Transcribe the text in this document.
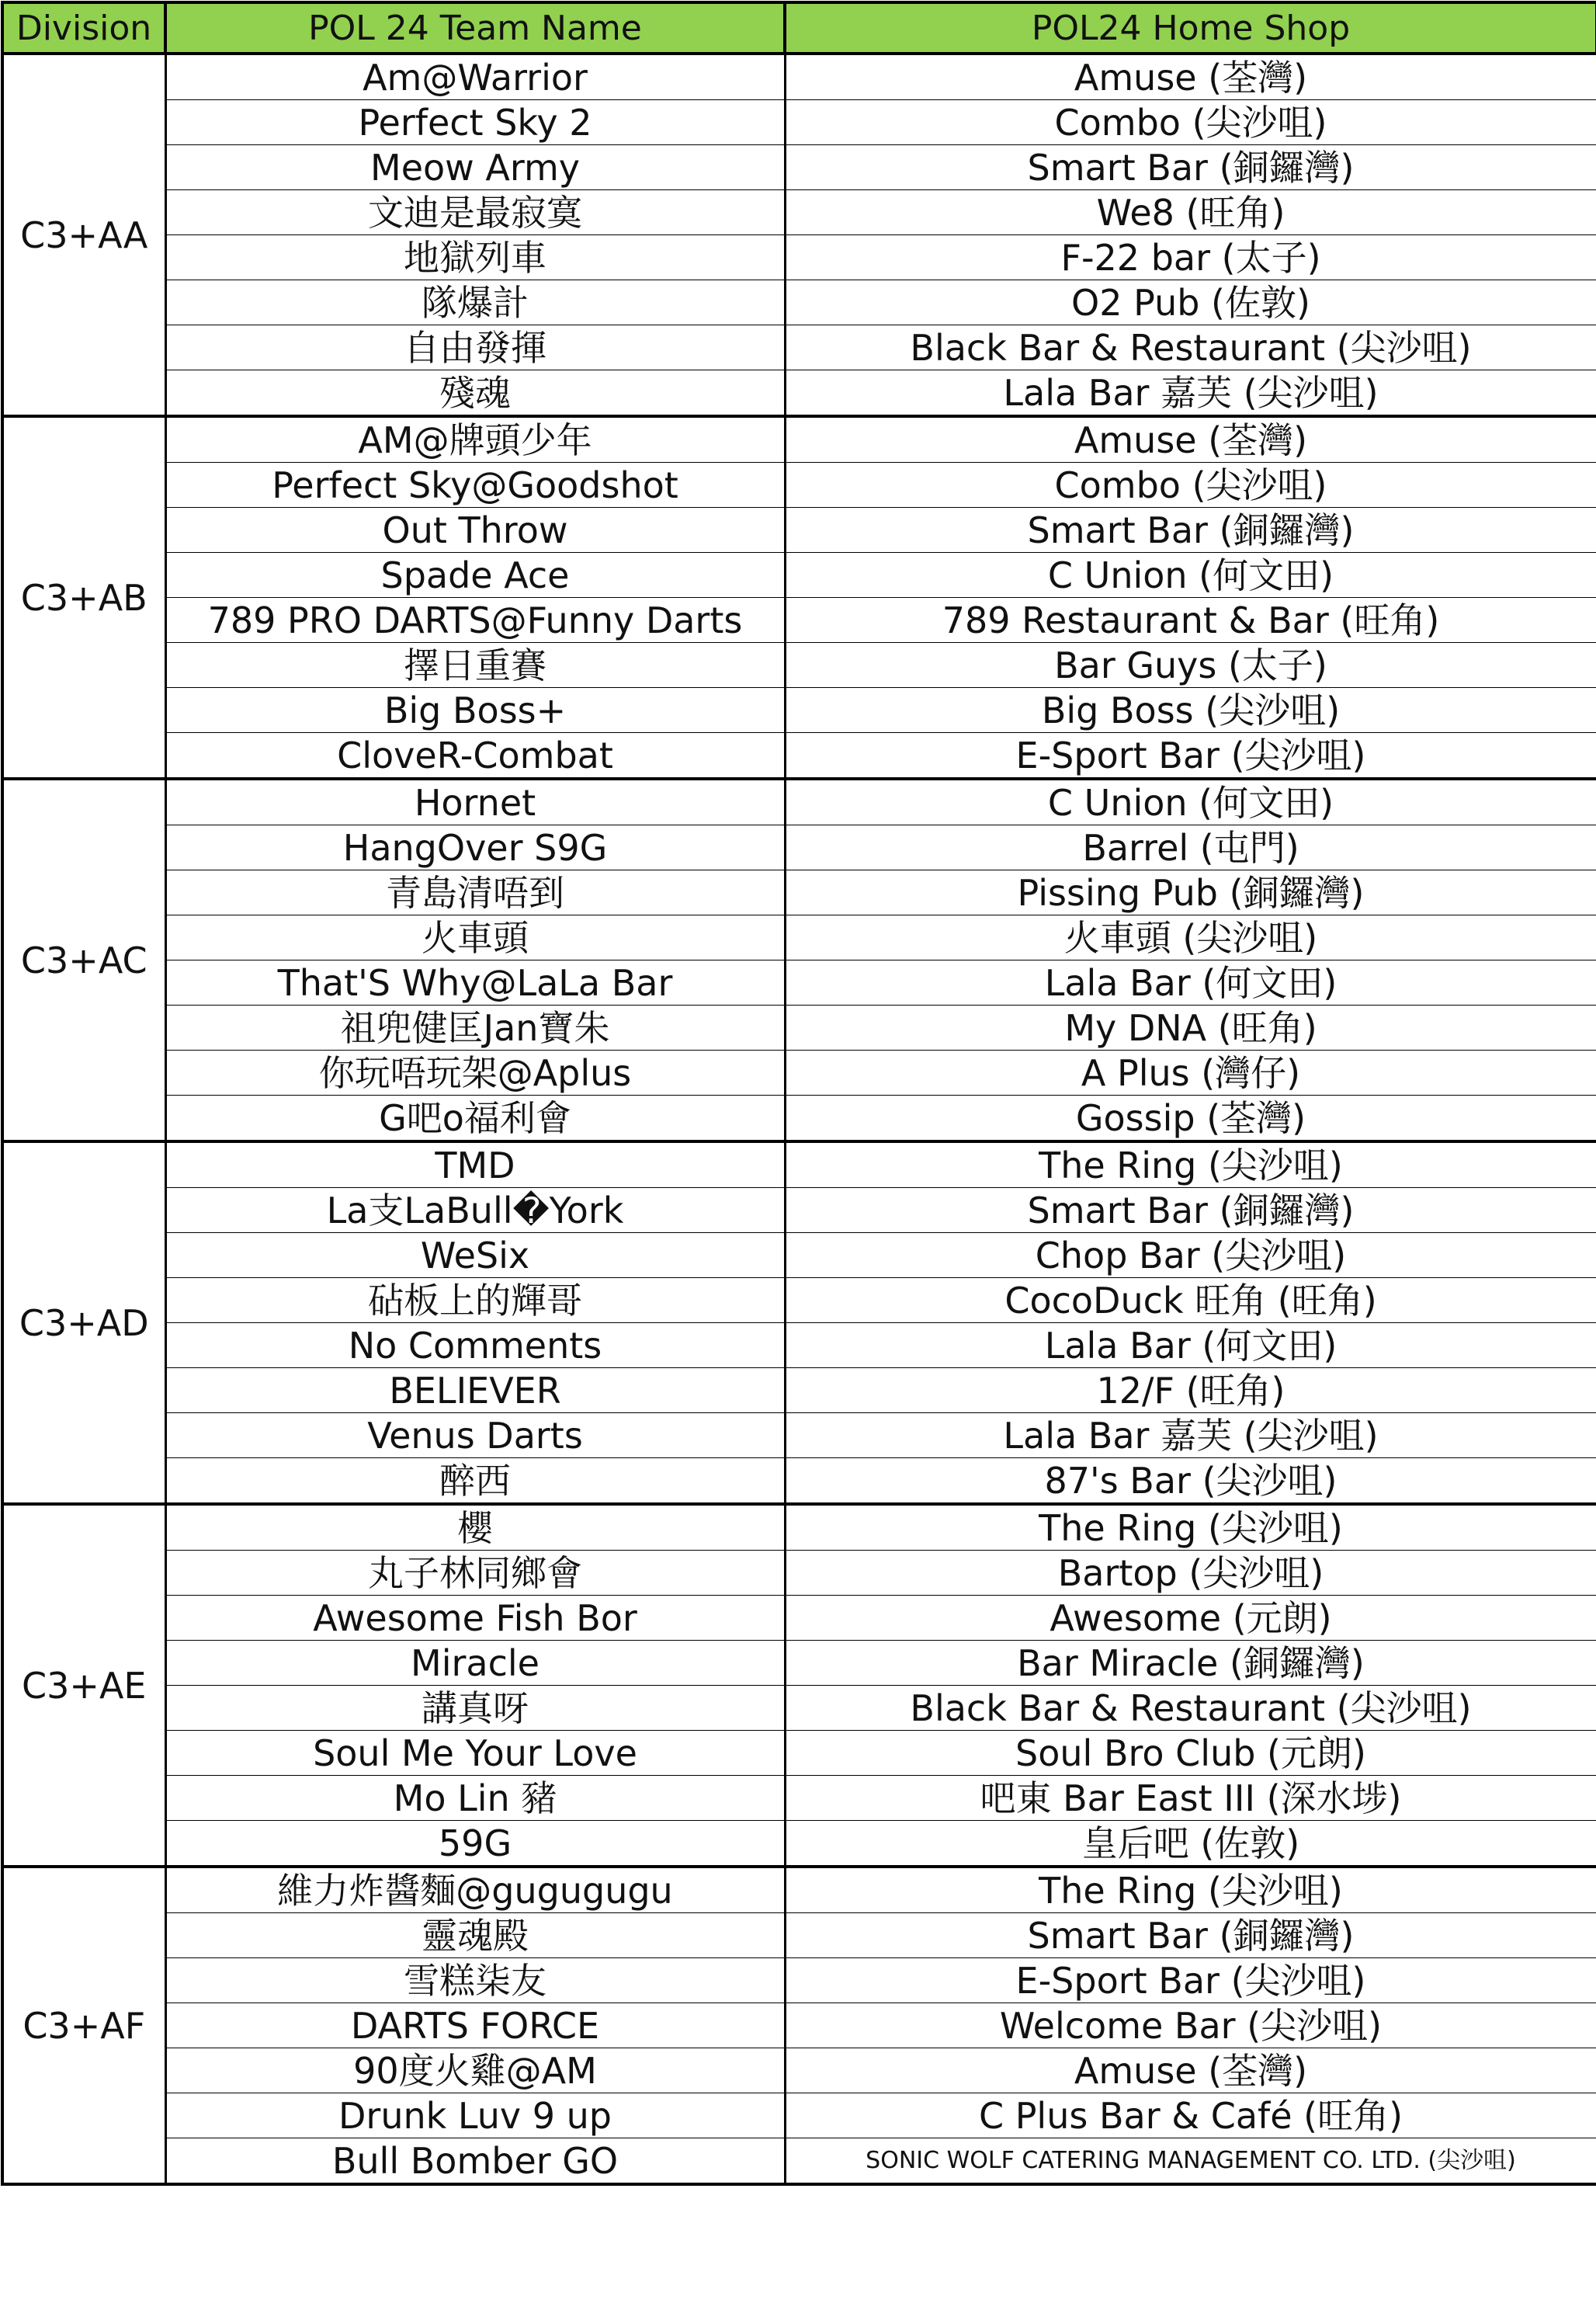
Division	POL 24 Team Name	POL24 Home Shop
C3+AA	Am@Warrior	Amuse (荃灣)
	Perfect Sky 2	Combo (尖沙咀)
	Meow Army	Smart Bar (銅鑼灣)
	文迪是最寂寞	We8 (旺角)
	地獄列車	F-22 bar (太子)
	隊爆計	O2 Pub (佐敦)
	自由發揮	Black Bar & Restaurant (尖沙咀)
	殘魂	Lala Bar 嘉芙 (尖沙咀)
C3+AB	AM@牌頭少年	Amuse (荃灣)
	Perfect Sky@Goodshot	Combo (尖沙咀)
	Out Throw	Smart Bar (銅鑼灣)
	Spade Ace	C Union (何文田)
	789 PRO DARTS@Funny Darts	789 Restaurant & Bar (旺角)
	擇日重賽	Bar Guys (太子)
	Big Boss+	Big Boss (尖沙咀)
	CloveR-Combat	E-Sport Bar (尖沙咀)
C3+AC	Hornet	C Union (何文田)
	HangOver S9G	Barrel (屯門)
	青島清唔到	Pissing Pub (銅鑼灣)
	火車頭	火車頭 (尖沙咀)
	That'S Why@LaLa Bar	Lala Bar (何文田)
	祖兜健匡Jan寶朱	My DNA (旺角)
	你玩唔玩架@Aplus	A Plus (灣仔)
	G吧o福利會	Gossip (荃灣)
C3+AD	TMD	The Ring (尖沙咀)
	La支LaBull�York	Smart Bar (銅鑼灣)
	WeSix	Chop Bar (尖沙咀)
	砧板上的輝哥	CocoDuck 旺角 (旺角)
	No Comments	Lala Bar (何文田)
	BELIEVER	12/F (旺角)
	Venus Darts	Lala Bar 嘉芙 (尖沙咀)
	醉西	87's Bar (尖沙咀)
C3+AE	櫻	The Ring (尖沙咀)
	丸子林同鄉會	Bartop (尖沙咀)
	Awesome Fish Bor	Awesome (元朗)
	Miracle	Bar Miracle (銅鑼灣)
	講真呀	Black Bar & Restaurant (尖沙咀)
	Soul Me Your Love	Soul Bro Club (元朗)
	Mo Lin 豬	吧東 Bar East III (深水埗)
	59G	皇后吧 (佐敦)
C3+AF	維力炸醬麵@gugugugu	The Ring (尖沙咀)
	靈魂殿	Smart Bar (銅鑼灣)
	雪糕柒友	E-Sport Bar (尖沙咀)
	DARTS FORCE	Welcome Bar (尖沙咀)
	90度火雞@AM	Amuse (荃灣)
	Drunk Luv 9 up	C Plus Bar & Café (旺角)
	Bull Bomber GO	SONIC WOLF CATERING MANAGEMENT CO. LTD. (尖沙咀)
